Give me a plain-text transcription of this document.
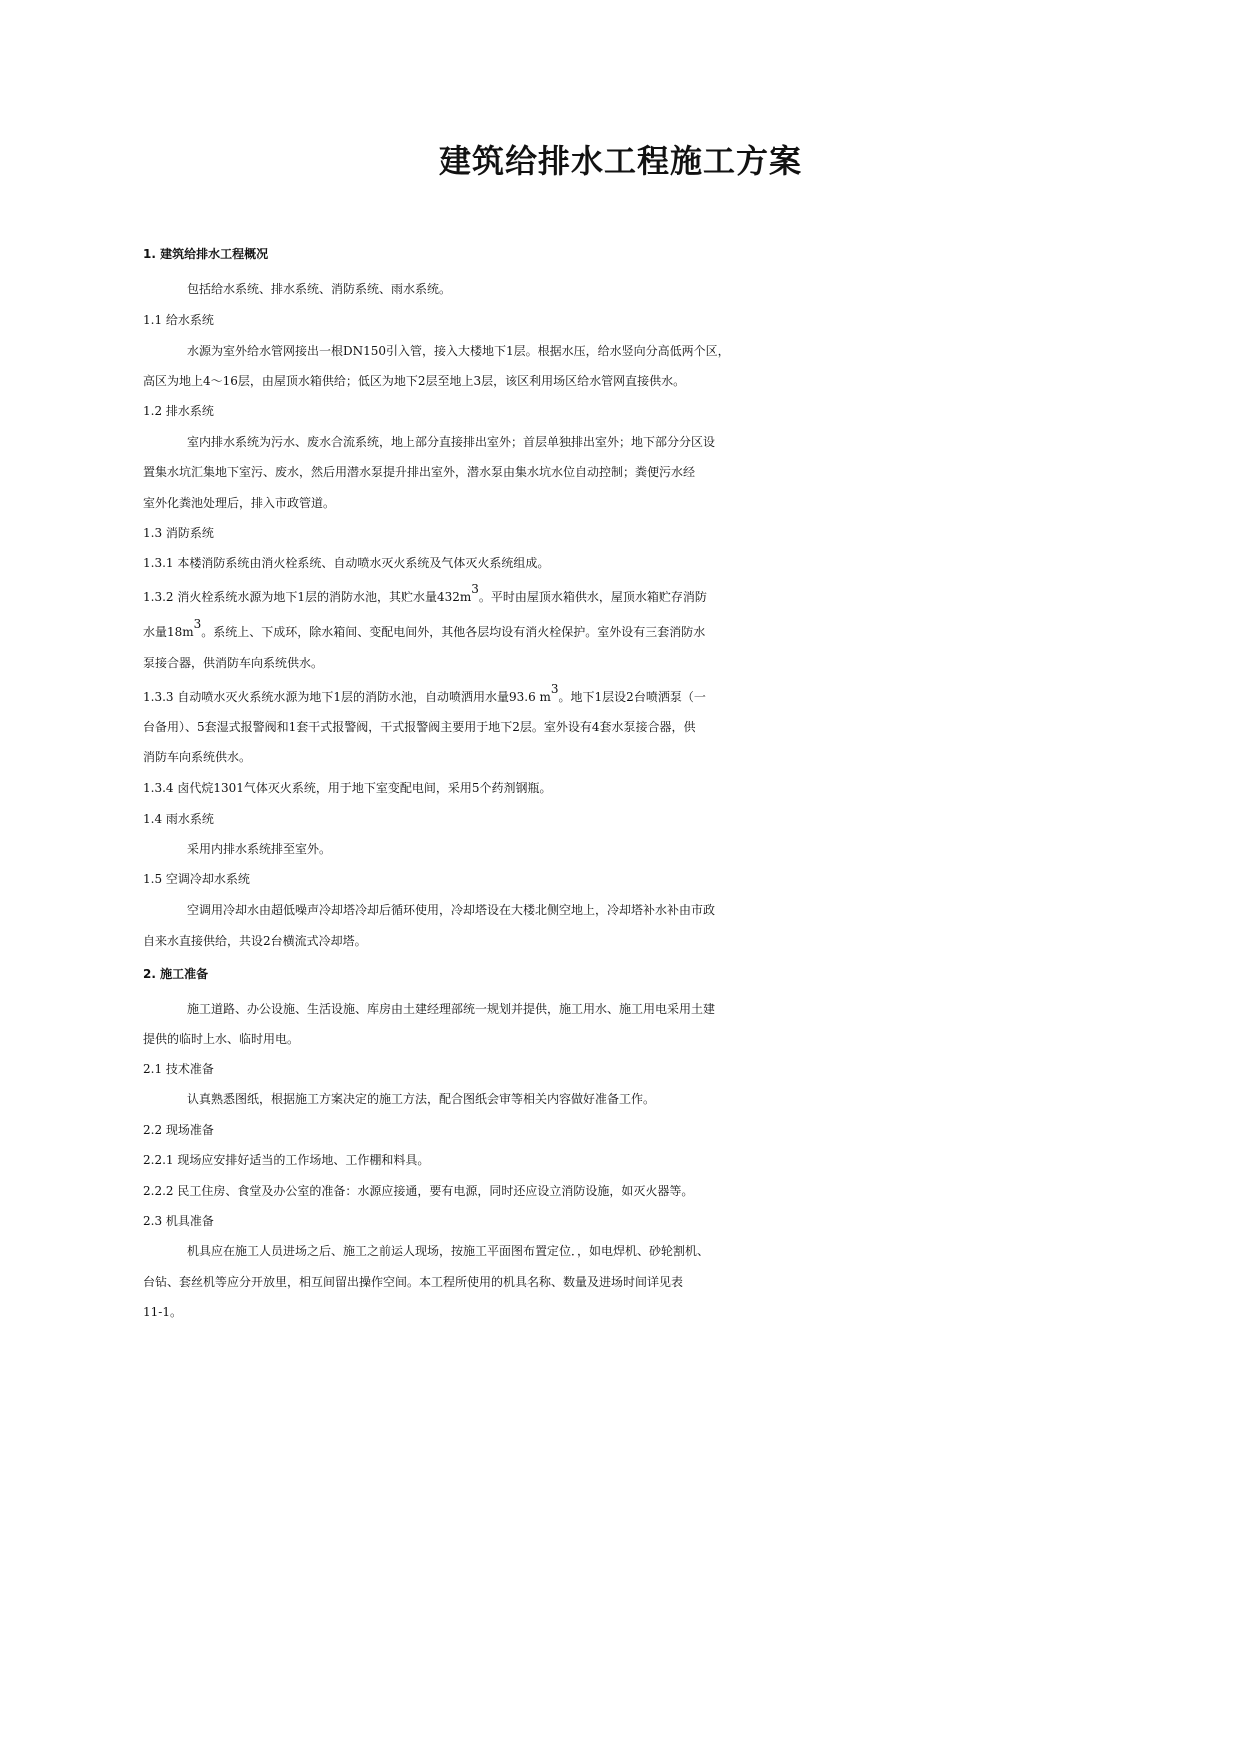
建筑给排水工程施工方案
1. 建筑给排水工程概况
包括给水系统、排水系统、消防系统、雨水系统。
1.1 给水系统
水源为室外给水管网接出一根DN150引入管，接入大楼地下1层。根据水压，给水竖向分高低两个区，
高区为地上4～16层，由屋顶水箱供给；低区为地下2层至地上3层，该区利用场区给水管网直接供水。
1.2 排水系统
室内排水系统为污水、废水合流系统，地上部分直接排出室外；首层单独排出室外；地下部分分区设
置集水坑汇集地下室污、废水，然后用潜水泵提升排出室外，潜水泵由集水坑水位自动控制；粪便污水经
室外化粪池处理后，排入市政管道。
1.3 消防系统
1.3.1 本楼消防系统由消火栓系统、自动喷水灭火系统及气体灭火系统组成。
1.3.2 消火栓系统水源为地下1层的消防水池，其贮水量$432m^3$。平时由屋顶水箱供水，屋顶水箱贮存消防
水量$18m^3$。系统上、下成环，除水箱间、变配电间外，其他各层均设有消火栓保护。室外设有三套消防水
泵接合器，供消防车向系统供水。
1.3.3 自动喷水灭火系统水源为地下1层的消防水池，自动喷洒用水量93.6 $m^3$。地下1层设2台喷洒泵（一
台备用）、5套湿式报警阀和1套干式报警阀，干式报警阀主要用于地下2层。室外设有4套水泵接合器，供
消防车向系统供水。
1.3.4 卤代烷1301气体灭火系统，用于地下室变配电间，采用5个药剂钢瓶。
1.4 雨水系统
采用内排水系统排至室外。
1.5 空调冷却水系统
空调用冷却水由超低噪声冷却塔冷却后循环使用，冷却塔设在大楼北侧空地上，冷却塔补水补由市政
自来水直接供给，共设2台横流式冷却塔。
2. 施工准备
施工道路、办公设施、生活设施、库房由土建经理部统一规划并提供，施工用水、施工用电采用土建
提供的临时上水、临时用电。
2.1 技术准备
认真熟悉图纸，根据施工方案决定的施工方法，配合图纸会审等相关内容做好准备工作。
2.2 现场准备
2.2.1 现场应安排好适当的工作场地、工作棚和料具。
2.2.2 民工住房、食堂及办公室的准备：水源应接通，要有电源，同时还应设立消防设施，如灭火器等。
2.3 机具准备
机具应在施工人员进场之后、施工之前运人现场，按施工平面图布置定位．，如电焊机、砂轮割机、
台钻、套丝机等应分开放里，相互间留出操作空间。本工程所使用的机具名称、数量及进场时间详见表
11-1。
